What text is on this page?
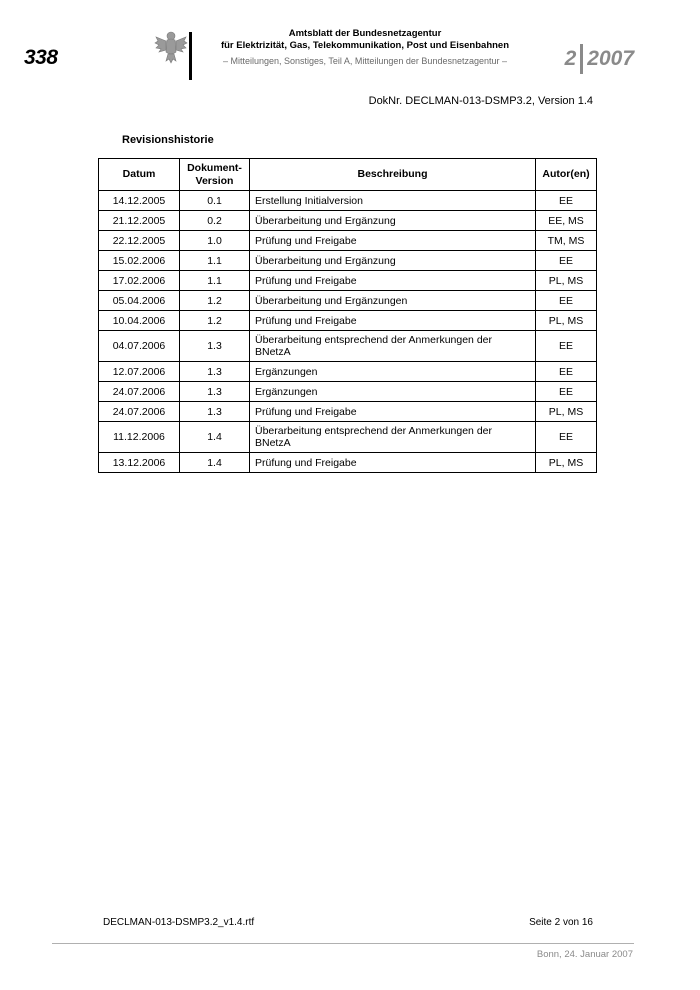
338
Amtsblatt der Bundesnetzagentur
für Elektrizität, Gas, Telekommunikation, Post und Eisenbahnen
– Mitteilungen, Sonstiges, Teil A, Mitteilungen der Bundesnetzagentur –	2 2007
DokNr. DECLMAN-013-DSMP3.2, Version 1.4
Revisionshistorie
Datum	Dokument-Version	Beschreibung	Autor(en)
14.12.2005	0.1	Erstellung Initialversion	EE
21.12.2005	0.2	Überarbeitung und Ergänzung	EE, MS
22.12.2005	1.0	Prüfung und Freigabe	TM, MS
15.02.2006	1.1	Überarbeitung und Ergänzung	EE
17.02.2006	1.1	Prüfung und Freigabe	PL, MS
05.04.2006	1.2	Überarbeitung und Ergänzungen	EE
10.04.2006	1.2	Prüfung und Freigabe	PL, MS
04.07.2006	1.3	Überarbeitung entsprechend der Anmerkungen der BNetzA	EE
12.07.2006	1.3	Ergänzungen	EE
24.07.2006	1.3	Ergänzungen	EE
24.07.2006	1.3	Prüfung und Freigabe	PL, MS
11.12.2006	1.4	Überarbeitung entsprechend der Anmerkungen der BNetzA	EE
13.12.2006	1.4	Prüfung und Freigabe	PL, MS
DECLMAN-013-DSMP3.2_v1.4.rtf	Seite 2 von 16
Bonn, 24. Januar 2007
